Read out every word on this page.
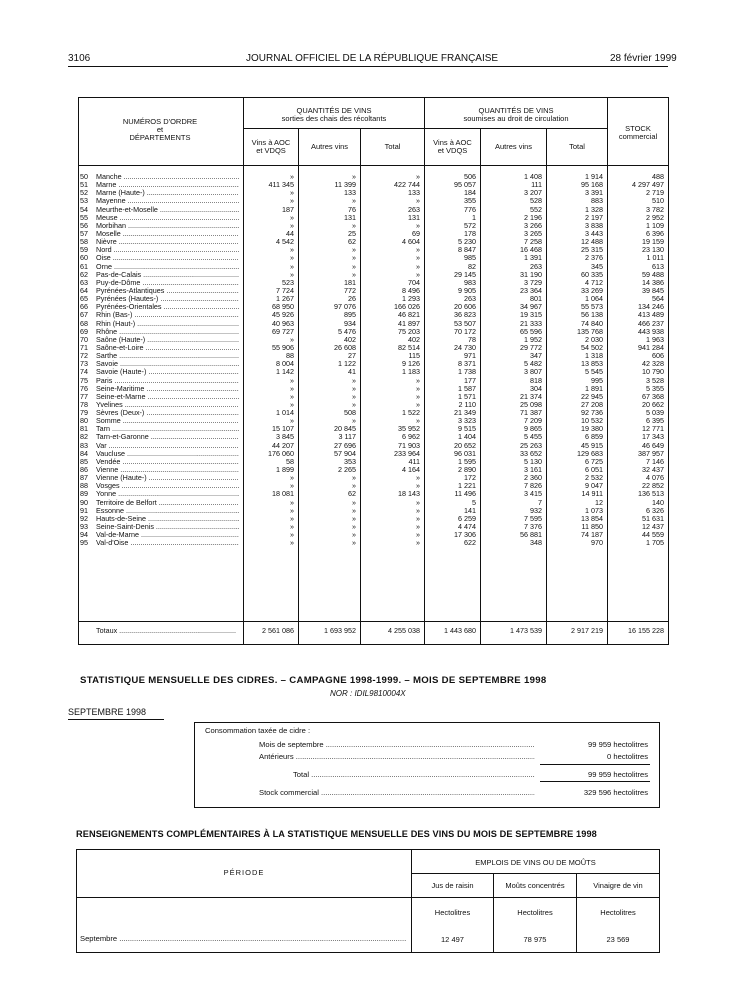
3106	JOURNAL OFFICIEL DE LA RÉPUBLIQUE FRANÇAISE	28 février 1999
NUMÉROS D'ORDRE
et
DÉPARTEMENTS
QUANTITÉS DE VINS
sorties des chais des récoltants
QUANTITÉS DE VINS
soumises au droit de circulation
STOCK
commercial
Vins à AOC
et VDQS	Autres vins	Total	Vins à AOC
et VDQS	Autres vins	Total
50	Manche .....	»	»	»	506	1 408	1 914	488
51	Marne .....	411 345	11 399	422 744	95 057	111	95 168	4 297 497
52	Marne (Haute-) .....	»	133	133	184	3 207	3 391	2 719
53	Mayenne .....	»	»	»	355	528	883	510
54	Meurthe-et-Moselle .....	187	76	263	776	552	1 328	3 782
55	Meuse .....	»	131	131	1	2 196	2 197	2 952
56	Morbihan .....	»	»	»	572	3 266	3 838	1 109
57	Moselle .....	44	25	69	178	3 265	3 443	6 396
58	Nièvre .....	4 542	62	4 604	5 230	7 258	12 488	19 159
59	Nord .....	»	»	»	8 847	16 468	25 315	23 130
60	Oise .....	»	»	»	985	1 391	2 376	1 011
61	Orne .....	»	»	»	82	263	345	613
62	Pas-de-Calais .....	»	»	»	29 145	31 190	60 335	59 488
63	Puy-de-Dôme .....	523	181	704	983	3 729	4 712	14 386
64	Pyrénées-Atlantiques .....	7 724	772	8 496	9 905	23 364	33 269	39 845
65	Pyrénées (Hautes-) .....	1 267	26	1 293	263	801	1 064	564
66	Pyrénées-Orientales .....	68 950	97 076	166 026	20 606	34 967	55 573	134 246
67	Rhin (Bas-) .....	45 926	895	46 821	36 823	19 315	56 138	413 489
68	Rhin (Haut-) .....	40 963	934	41 897	53 507	21 333	74 840	466 237
69	Rhône .....	69 727	5 476	75 203	70 172	65 596	135 768	443 938
70	Saône (Haute-) .....	»	402	402	78	1 952	2 030	1 963
71	Saône-et-Loire .....	55 906	26 608	82 514	24 730	29 772	54 502	941 284
72	Sarthe .....	88	27	115	971	347	1 318	606
73	Savoie .....	8 004	1 122	9 126	8 371	5 482	13 853	42 328
74	Savoie (Haute-) .....	1 142	41	1 183	1 738	3 807	5 545	10 790
75	Paris .....	»	»	»	177	818	995	3 528
76	Seine-Maritime .....	»	»	»	1 587	304	1 891	5 355
77	Seine-et-Marne .....	»	»	»	1 571	21 374	22 945	67 368
78	Yvelines .....	»	»	»	2 110	25 098	27 208	20 662
79	Sèvres (Deux-) .....	1 014	508	1 522	21 349	71 387	92 736	5 039
80	Somme .....	»	»	»	3 323	7 209	10 532	6 395
81	Tarn .....	15 107	20 845	35 952	9 515	9 865	19 380	12 771
82	Tarn-et-Garonne .....	3 845	3 117	6 962	1 404	5 455	6 859	17 343
83	Var .....	44 207	27 696	71 903	20 652	25 263	45 915	46 649
84	Vaucluse .....	176 060	57 904	233 964	96 031	33 652	129 683	387 957
85	Vendée .....	58	353	411	1 595	5 130	6 725	7 146
86	Vienne .....	1 899	2 265	4 164	2 890	3 161	6 051	32 437
87	Vienne (Haute-) .....	»	»	»	172	2 360	2 532	4 076
88	Vosges .....	»	»	»	1 221	7 826	9 047	22 852
89	Yonne .....	18 081	62	18 143	11 496	3 415	14 911	136 513
90	Territoire de Belfort .....	»	»	»	5	7	12	140
91	Essonne .....	»	»	»	141	932	1 073	6 326
92	Hauts-de-Seine .....	»	»	»	6 259	7 595	13 854	51 631
93	Seine-Saint-Denis .....	»	»	»	4 474	7 376	11 850	12 437
94	Val-de-Marne .....	»	»	»	17 306	56 881	74 187	44 559
95	Val-d'Oise .....	»	»	»	622	348	970	1 705
Totaux .....	2 561 086	1 693 952	4 255 038	1 443 680	1 473 539	2 917 219	16 155 228
STATISTIQUE MENSUELLE DES CIDRES. – CAMPAGNE 1998-1999. – MOIS DE SEPTEMBRE 1998
NOR : IDIL9810004X
SEPTEMBRE 1998
Consommation taxée de cidre :
Mois de septembre .....	99 959 hectolitres
Antérieurs .....	0 hectolitres
Total .....	99 959 hectolitres
Stock commercial .....	329 596 hectolitres
RENSEIGNEMENTS COMPLÉMENTAIRES À LA STATISTIQUE MENSUELLE DES VINS DU MOIS DE SEPTEMBRE 1998
PÉRIODE
EMPLOIS DE VINS OU DE MOÛTS
Jus de raisin	Moûts concentrés	Vinaigre de vin
Hectolitres	Hectolitres	Hectolitres
Septembre .....	12 497	78 975	23 569
